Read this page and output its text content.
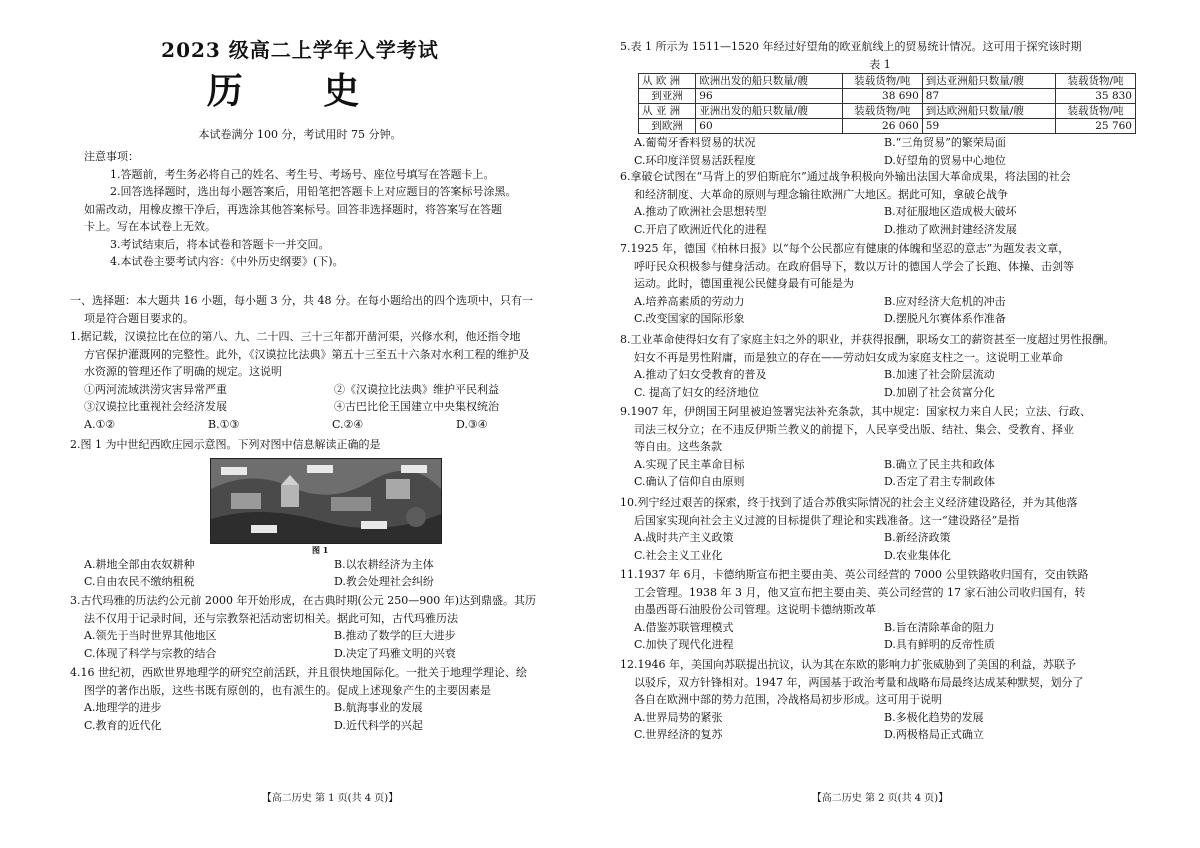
2023 级高二上学年入学考试
历 史
本试卷满分 100 分，考试用时 75 分钟。

注意事项：

1.答题前，考生务必将自己的姓名、考生号、考场号、座位号填写在答题卡上。

2.回答选择题时，选出每小题答案后，用铅笔把答题卡上对应题目的答案标号涂黑。

如需改动，用橡皮擦干净后，再选涂其他答案标号。回答非选择题时，将答案写在答题

卡上。写在本试卷上无效。

3.考试结束后，将本试卷和答题卡一并交回。

4.本试卷主要考试内容：《中外历史纲要》(下)。

一、选择题：本大题共 16 小题，每小题 3 分，共 48 分。在每小题给出的四个选项中，只有一

项是符合题目要求的。

1.据记载，汉谟拉比在位的第八、九、二十四、三十三年都开凿河渠，兴修水利，他还指令地

方官保护灌溉网的完整性。此外，《汉谟拉比法典》第五十三至五十六条对水利工程的维护及

水资源的管理还作了明确的规定。这说明

①两河流域洪涝灾害异常严重	②《汉谟拉比法典》维护平民利益
③汉谟拉比重视社会经济发展	④古巴比伦王国建立中央集权统治
A.①②	B.①③	C.②④	D.③④

2.图 1 为中世纪西欧庄园示意图。下列对图中信息解读正确的是

图 1
A.耕地全部由农奴耕种	B.以农耕经济为主体
C.自由农民不缴纳租税	D.教会处理社会纠纷

3.古代玛雅的历法约公元前 2000 年开始形成，在古典时期(公元 250—900 年)达到鼎盛。其历

法不仅用于记录时间，还与宗教祭祀活动密切相关。据此可知，古代玛雅历法

A.领先于当时世界其他地区	B.推动了数学的巨大进步
C.体现了科学与宗教的结合	D.决定了玛雅文明的兴衰

4.16 世纪初，西欧世界地理学的研究空前活跃，并且很快地国际化。一批关于地理学理论、绘

图学的著作出版，这些书既有原创的，也有派生的。促成上述现象产生的主要因素是

A.地理学的进步	B.航海事业的发展
C.教育的近代化	D.近代科学的兴起
【高二历史 第 1 页(共 4 页)】

5.表 1 所示为 1511—1520 年经过好望角的欧亚航线上的贸易统计情况。这可用于探究该时期

表 1
从 欧 洲	欧洲出发的船只数量/艘	装载货物/吨	到达亚洲船只数量/艘	装载货物/吨
到亚洲	96	38 690	87	35 830
从 亚 洲	亚洲出发的船只数量/艘	装载货物/吨	到达欧洲船只数量/艘	装载货物/吨
到欧洲	60	26 060	59	25 760
A.葡萄牙香料贸易的状况	B.“三角贸易”的繁荣局面
C.环印度洋贸易活跃程度	D.好望角的贸易中心地位

6.拿破仑试图在“马背上的罗伯斯庇尔”通过战争积极向外输出法国大革命成果，将法国的社会

和经济制度、大革命的原则与理念输往欧洲广大地区。据此可知，拿破仑战争

A.推动了欧洲社会思想转型	B.对征服地区造成极大破坏
C.开启了欧洲近代化的进程	D.推动了欧洲封建经济发展

7.1925 年，德国《柏林日报》以“每个公民都应有健康的体魄和坚忍的意志”为题发表文章，

呼吁民众积极参与健身活动。在政府倡导下，数以万计的德国人学会了长跑、体操、击剑等

运动。此时，德国重视公民健身最有可能是为

A.培养高素质的劳动力	B.应对经济大危机的冲击
C.改变国家的国际形象	D.摆脱凡尔赛体系作准备

8.工业革命使得妇女有了家庭主妇之外的职业，并获得报酬，职场女工的薪资甚至一度超过男性报酬。

妇女不再是男性附庸，而是独立的存在——劳动妇女成为家庭支柱之一。这说明工业革命

A.推动了妇女受教育的普及	B.加速了社会阶层流动
C. 提高了妇女的经济地位	D.加剧了社会贫富分化

9.1907 年，伊朗国王阿里被迫签署宪法补充条款，其中规定：国家权力来自人民；立法、行政、

司法三权分立；在不违反伊斯兰教义的前提下，人民享受出版、结社、集会、受教育、择业

等自由。这些条款

A.实现了民主革命目标	B.确立了民主共和政体
C.确认了信仰自由原则	D.否定了君主专制政体

10.列宁经过艰苦的探索，终于找到了适合苏俄实际情况的社会主义经济建设路径，并为其他落

后国家实现向社会主义过渡的目标提供了理论和实践准备。这一“建设路径”是指

A.战时共产主义政策	B.新经济政策
C.社会主义工业化	D.农业集体化

11.1937 年 6月，卡德纳斯宣布把主要由美、英公司经营的 7000 公里铁路收归国有，交由铁路

工会管理。1938 年 3 月，他又宣布把主要由美、英公司经营的 17 家石油公司收归国有，转

由墨西哥石油股份公司管理。这说明卡德纳斯改革

A.借鉴苏联管理模式	B.旨在清除革命的阻力
C.加快了现代化进程	D.具有鲜明的反帝性质

12.1946 年，美国向苏联提出抗议，认为其在东欧的影响力扩张威胁到了美国的利益，苏联予

以驳斥，双方针锋相对。1947 年，两国基于政治考量和战略布局最终达成某种默契，划分了

各自在欧洲中部的势力范围，冷战格局初步形成。这可用于说明

A.世界局势的紧张	B.多极化趋势的发展
C.世界经济的复苏	D.两极格局正式确立
【高二历史 第 2 页(共 4 页)】
